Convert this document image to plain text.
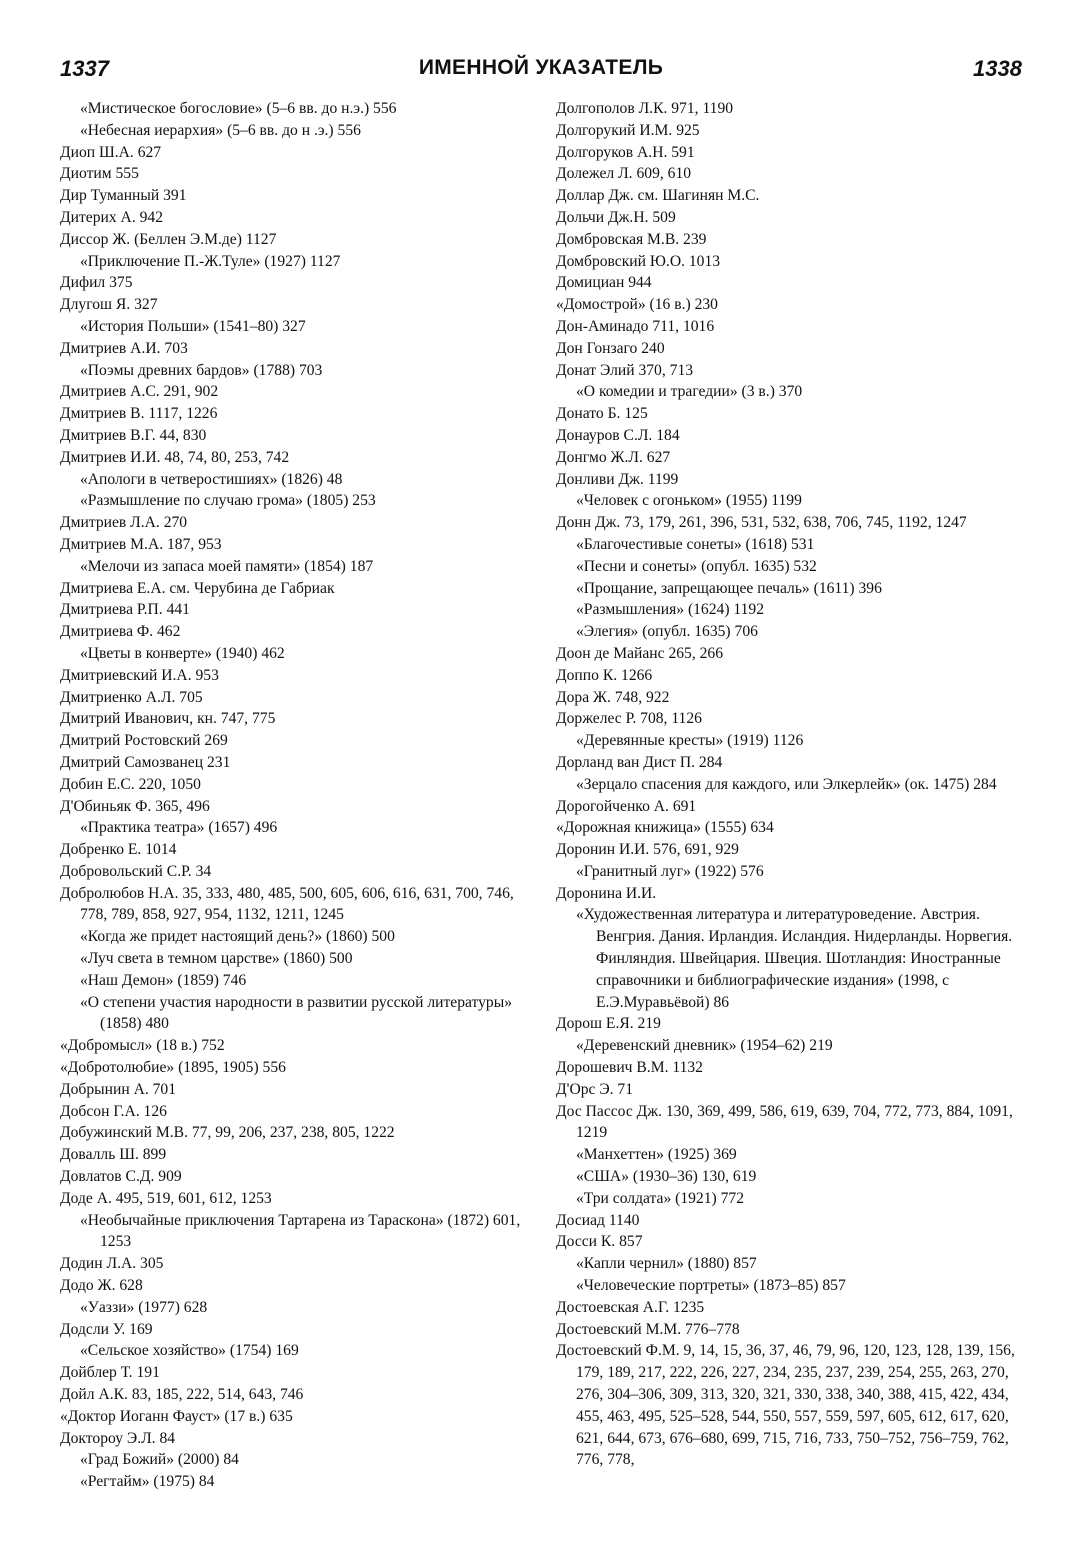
1337	ИМЕННОЙ УКАЗАТЕЛЬ	1338
«Мистическое богословие» (5–6 вв. до н.э.) 556
«Небесная иерархия» (5–6 вв. до н .э.) 556
Диоп Ш.А. 627
Диотим 555
Дир Туманный 391
Дитерих А. 942
Диссор Ж. (Беллен Э.М.де) 1127
«Приключение П.-Ж.Туле» (1927) 1127
Дифил 375
Длугош Я. 327
«История Польши» (1541–80) 327
Дмитриев А.И. 703
«Поэмы древних бардов» (1788) 703
Дмитриев А.С. 291, 902
Дмитриев В. 1117, 1226
Дмитриев В.Г. 44, 830
Дмитриев И.И. 48, 74, 80, 253, 742
«Апологи в четверостишиях» (1826) 48
«Размышление по случаю грома» (1805) 253
Дмитриев Л.А. 270
Дмитриев М.А. 187, 953
«Мелочи из запаса моей памяти» (1854) 187
Дмитриева Е.А. см. Черубина де Габриак
Дмитриева Р.П. 441
Дмитриева Ф. 462
«Цветы в конверте» (1940) 462
Дмитриевский И.А. 953
Дмитриенко А.Л. 705
Дмитрий Иванович, кн. 747, 775
Дмитрий Ростовский 269
Дмитрий Самозванец 231
Добин Е.С. 220, 1050
Д'Обиньяк Ф. 365, 496
«Практика театра» (1657) 496
Добренко Е. 1014
Добровольский С.Р. 34
Добролюбов Н.А. 35, 333, 480, 485, 500, 605, 606, 616, 631, 700, 746, 778, 789, 858, 927, 954, 1132, 1211, 1245
«Когда же придет настоящий день?» (1860) 500
«Луч света в темном царстве» (1860) 500
«Наш Демон» (1859) 746
«О степени участия народности в развитии русской литературы» (1858) 480
«Добромысл» (18 в.) 752
«Добротолюбие» (1895, 1905) 556
Добрынин А. 701
Добсон Г.А. 126
Добужинский М.В. 77, 99, 206, 237, 238, 805, 1222
Довалль Ш. 899
Довлатов С.Д. 909
Доде А. 495, 519, 601, 612, 1253
«Необычайные приключения Тартарена из Тараскона» (1872) 601, 1253
Додин Л.А. 305
Додо Ж. 628
«Уаззи» (1977) 628
Додсли У. 169
«Сельское хозяйство» (1754) 169
Дойблер Т. 191
Дойл А.К. 83, 185, 222, 514, 643, 746
«Доктор Иоганн Фауст» (17 в.) 635
Доктороу Э.Л. 84
«Град Божий» (2000) 84
«Регтайм» (1975) 84
Долгополов Л.К. 971, 1190
Долгорукий И.М. 925
Долгоруков А.Н. 591
Долежел Л. 609, 610
Доллар Дж. см. Шагинян М.С.
Дольчи Дж.Н. 509
Домбровская М.В. 239
Домбровский Ю.О. 1013
Домициан 944
«Домострой» (16 в.) 230
Дон-Аминадо 711, 1016
Дон Гонзаго 240
Донат Элий 370, 713
«О комедии и трагедии» (3 в.) 370
Донато Б. 125
Донауров С.Л. 184
Донгмо Ж.Л. 627
Донливи Дж. 1199
«Человек с огоньком» (1955) 1199
Донн Дж. 73, 179, 261, 396, 531, 532, 638, 706, 745, 1192, 1247
«Благочестивые сонеты» (1618) 531
«Песни и сонеты» (опубл. 1635) 532
«Прощание, запрещающее печаль» (1611) 396
«Размышления» (1624) 1192
«Элегия» (опубл. 1635) 706
Доон де Майанс 265, 266
Доппо К. 1266
Дора Ж. 748, 922
Доржелес Р. 708, 1126
«Деревянные кресты» (1919) 1126
Дорланд ван Дист П. 284
«Зерцало спасения для каждого, или Элкерлейк» (ок. 1475) 284
Дорогойченко А. 691
«Дорожная книжица» (1555) 634
Доронин И.И. 576, 691, 929
«Гранитный луг» (1922) 576
Доронина И.И.
«Художественная литература и литературоведение. Австрия. Венгрия. Дания. Ирландия. Исландия. Нидерланды. Норвегия. Финляндия. Швейцария. Швеция. Шотландия: Иностранные справочники и библиографические издания» (1998, с Е.Э.Муравьёвой) 86
Дорош Е.Я. 219
«Деревенский дневник» (1954–62) 219
Дорошевич В.М. 1132
Д'Орс Э. 71
Дос Пассос Дж. 130, 369, 499, 586, 619, 639, 704, 772, 773, 884, 1091, 1219
«Манхеттен» (1925) 369
«США» (1930–36) 130, 619
«Три солдата» (1921) 772
Досиад 1140
Досси К. 857
«Капли чернил» (1880) 857
«Человеческие портреты» (1873–85) 857
Достоевская А.Г. 1235
Достоевский М.М. 776–778
Достоевский Ф.М. 9, 14, 15, 36, 37, 46, 79, 96, 120, 123, 128, 139, 156, 179, 189, 217, 222, 226, 227, 234, 235, 237, 239, 254, 255, 263, 270, 276, 304–306, 309, 313, 320, 321, 330, 338, 340, 388, 415, 422, 434, 455, 463, 495, 525–528, 544, 550, 557, 559, 597, 605, 612, 617, 620, 621, 644, 673, 676–680, 699, 715, 716, 733, 750–752, 756–759, 762, 776, 778,
